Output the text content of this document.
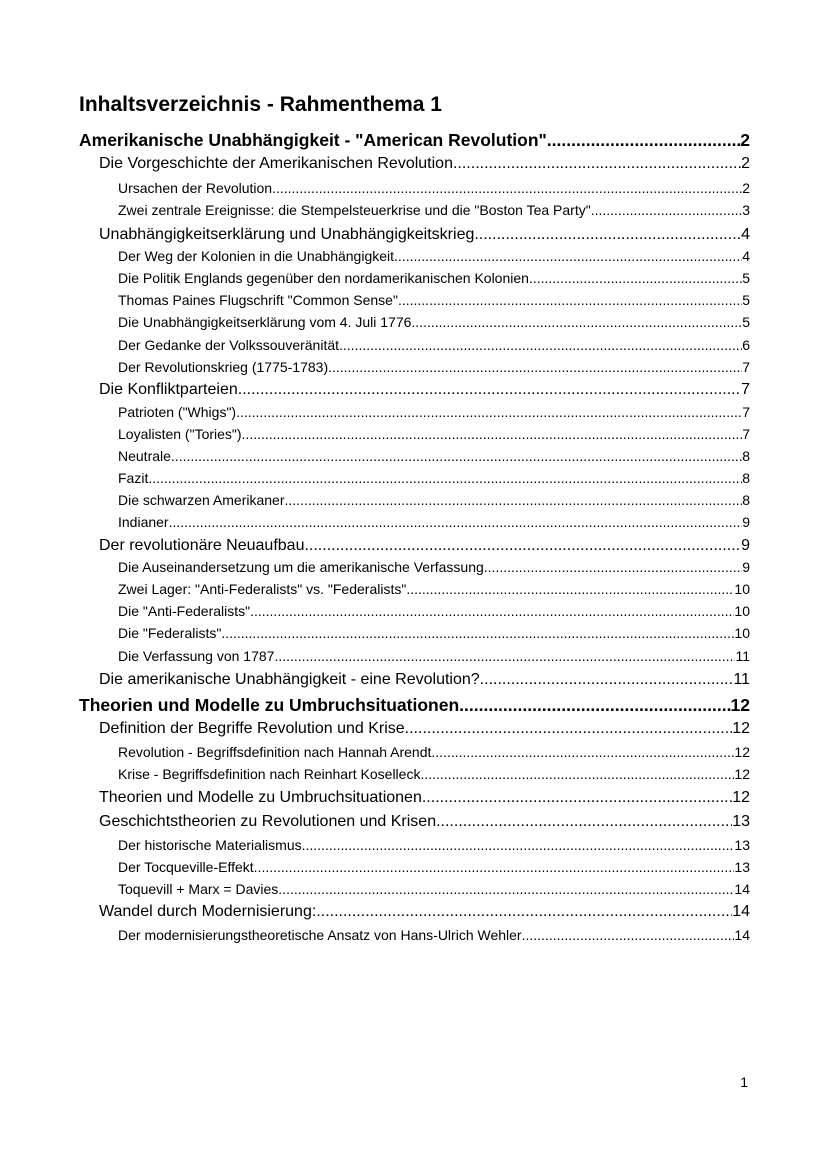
Inhaltsverzeichnis - Rahmenthema 1
Amerikanische Unabhängigkeit - "American Revolution" .....	2
Die Vorgeschichte der Amerikanischen Revolution .....	2
Ursachen der Revolution .....	2
Zwei zentrale Ereignisse: die Stempelsteuerkrise und die "Boston Tea Party" .....	3
Unabhängigkeitserklärung und Unabhängigkeitskrieg .....	4
Der Weg der Kolonien in die Unabhängigkeit .....	4
Die Politik Englands gegenüber den nordamerikanischen Kolonien .....	5
Thomas Paines Flugschrift "Common Sense" .....	5
Die Unabhängigkeitserklärung vom 4. Juli 1776 .....	5
Der Gedanke der Volkssouveränität .....	6
Der Revolutionskrieg (1775-1783) .....	7
Die Konfliktparteien .....	7
Patrioten ("Whigs") .....	7
Loyalisten ("Tories") .....	7
Neutrale .....	8
Fazit .....	8
Die schwarzen Amerikaner .....	8
Indianer .....	9
Der revolutionäre Neuaufbau .....	9
Die Auseinandersetzung um die amerikanische Verfassung .....	9
Zwei Lager: "Anti-Federalists" vs. "Federalists" .....	10
Die "Anti-Federalists" .....	10
Die "Federalists" .....	10
Die Verfassung von 1787 .....	11
Die amerikanische Unabhängigkeit - eine Revolution? .....	11
Theorien und Modelle zu Umbruchsituationen .....	12
Definition der Begriffe Revolution und Krise .....	12
Revolution - Begriffsdefinition nach Hannah Arendt .....	12
Krise - Begriffsdefinition nach Reinhart Koselleck .....	12
Theorien und Modelle zu Umbruchsituationen .....	12
Geschichtstheorien zu Revolutionen und Krisen .....	13
Der historische Materialismus .....	13
Der Tocqueville-Effekt .....	13
Toquevill + Marx = Davies .....	14
Wandel durch Modernisierung: .....	14
Der modernisierungstheoretische Ansatz von Hans-Ulrich Wehler .....	14
1
